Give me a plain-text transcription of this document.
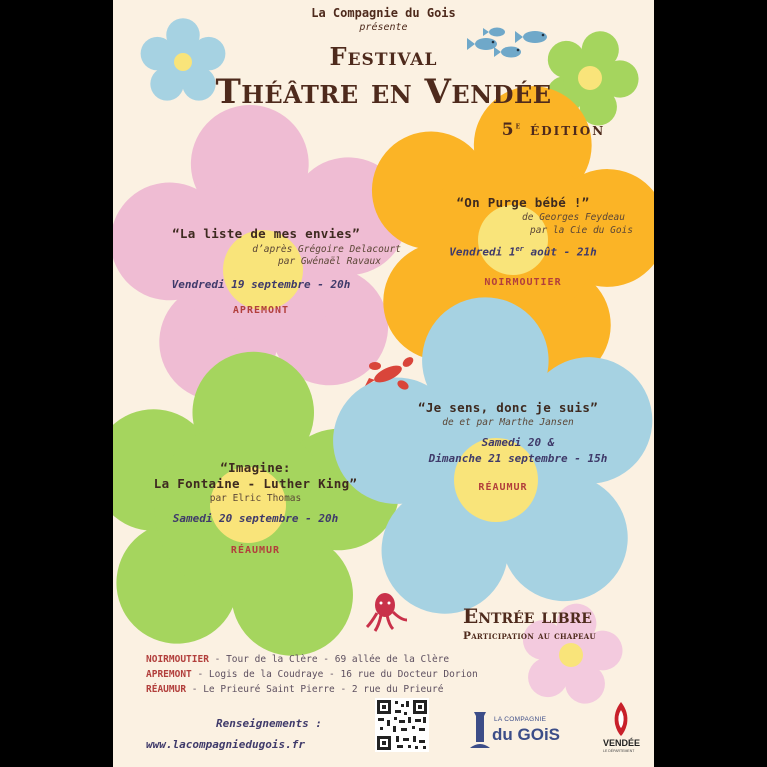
La Compagnie du Gois

présente

Festival

Théâtre en Vendée

5e édition

“La liste de mes envies”

d’après Grégoire Delacourt

par Gwénaël Ravaux

Vendredi 19 septembre - 20h

APREMONT

“On Purge bébé !”

de Georges Feydeau

par la Cie du Gois

Vendredi 1er août - 21h

NOIRMOUTIER

“Je sens, donc je suis”

de et par Marthe Jansen

Samedi 20 &

Dimanche 21 septembre - 15h

RÉAUMUR

“Imagine:

La Fontaine - Luther King”

par Elric Thomas

Samedi 20 septembre - 20h

RÉAUMUR

Entrée libre

Participation au chapeau

NOIRMOUTIER - Tour de la Clère - 69 allée de la Clère

APREMONT - Logis de la Coudraye - 16 rue du Docteur Dorion

RÉAUMUR - Le Prieuré Saint Pierre - 2 rue du Prieuré

Renseignements :

www.lacompagniedugois.fr

LA COMPAGNIE

du GOiS	VENDÉE

LE DÉPARTEMENT
